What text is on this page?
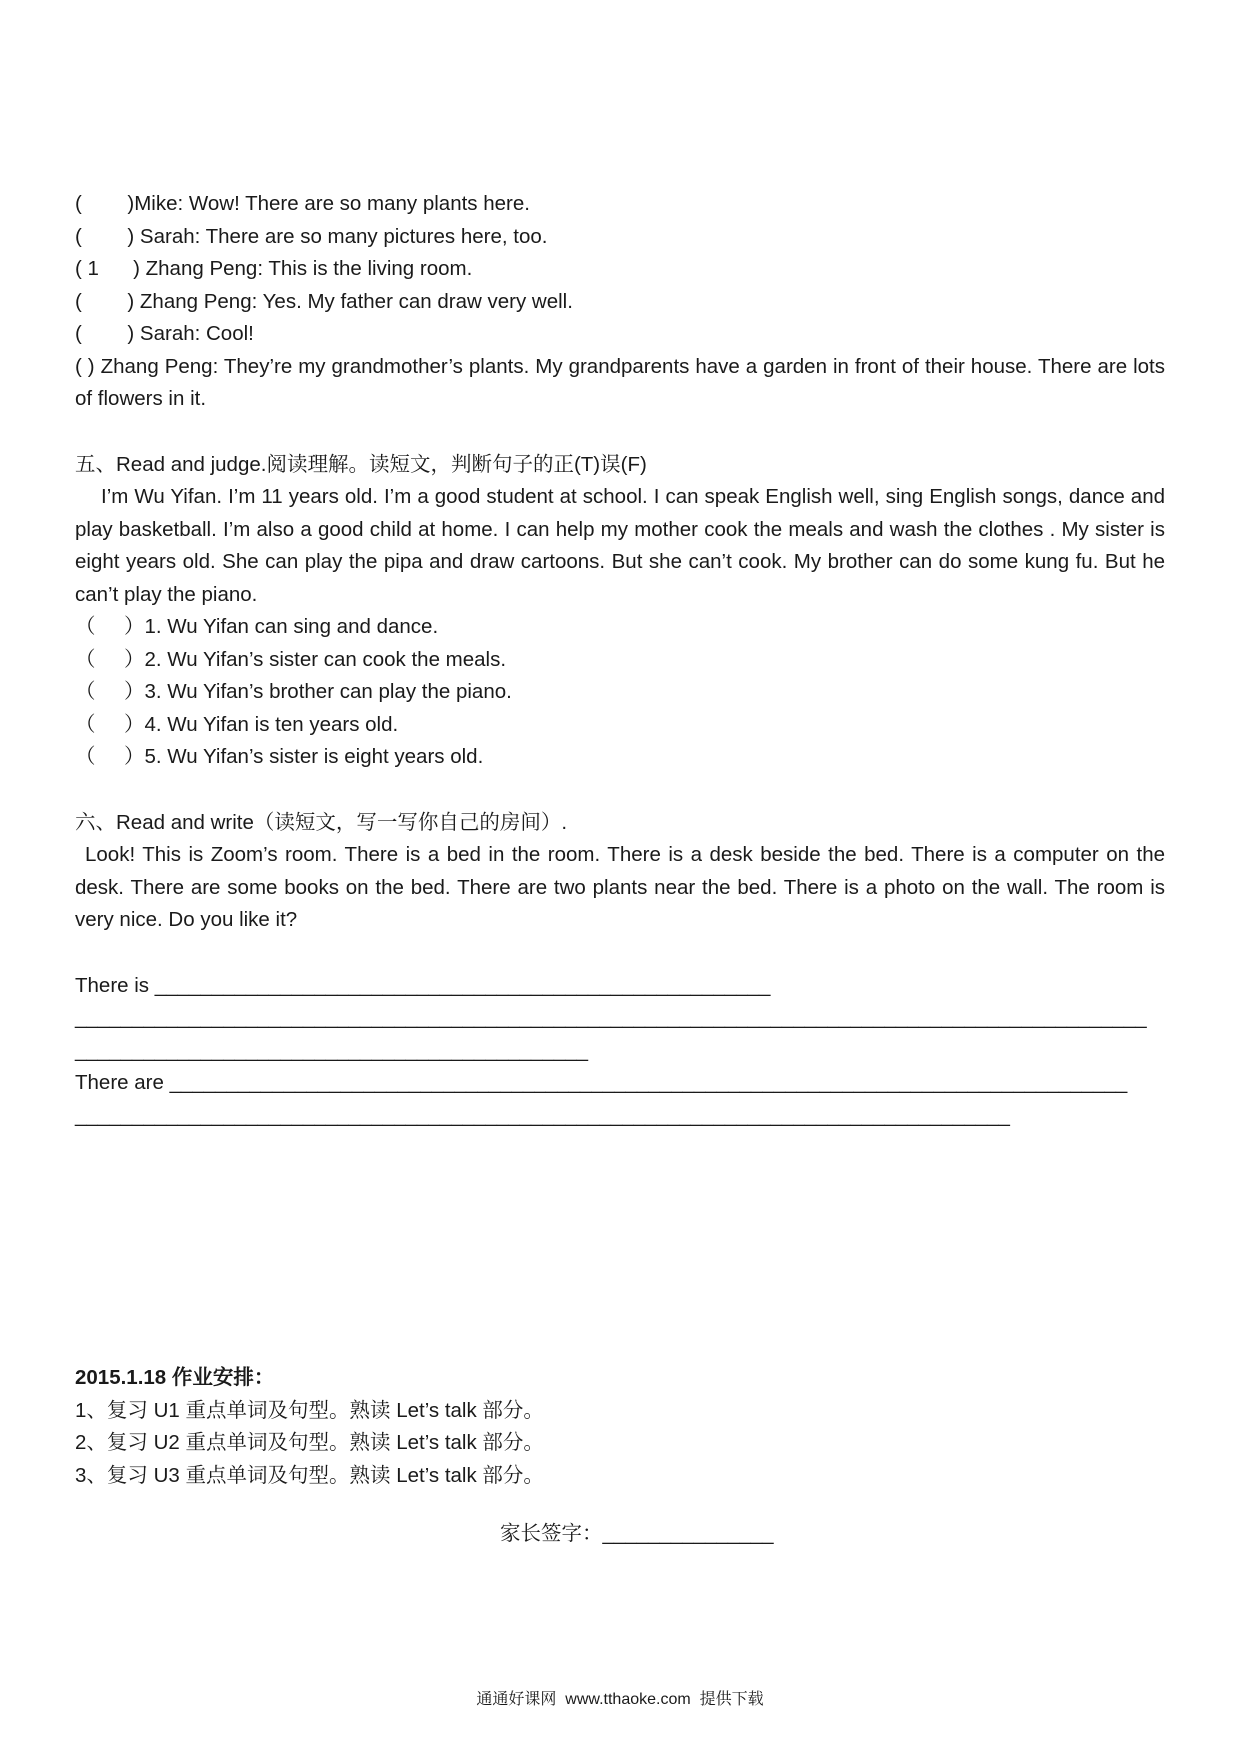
(        )Mike: Wow! There are so many plants here.
(        ) Sarah: There are so many pictures here, too.
( 1      ) Zhang Peng: This is the living room.
(        ) Zhang Peng: Yes. My father can draw very well.
(        ) Sarah: Cool!
( ) Zhang Peng: They’re my grandmother’s plants. My grandparents have a garden in front of their house. There are lots of flowers in it.
五、Read and judge.阅读理解。读短文，判断句子的正(T)误(F)
I’m Wu Yifan. I’m 11 years old. I’m a good student at school. I can speak English well, sing English songs, dance and play basketball. I’m also a good child at home. I can help my mother cook the meals and wash the clothes . My sister is eight years old. She can play the pipa and draw cartoons. But she can’t cook. My brother can do some kung fu. But he can’t play the piano.
（     ）1. Wu Yifan can sing and dance.
（     ）2. Wu Yifan’s sister can cook the meals.
（     ）3. Wu Yifan’s brother can play the piano.
（     ）4. Wu Yifan is ten years old.
（     ）5. Wu Yifan’s sister is eight years old.
六、Read and write（读短文，写一写你自己的房间）.
Look! This is Zoom’s room. There is a bed in the room. There is a desk beside the bed. There is a computer on the desk. There are some books on the bed. There are two plants near the bed. There is a photo on the wall. The room is very nice. Do you like it?
There is ______________________________________________________
______________________________________________________________________________________________
_____________________________________________
There are ____________________________________________________________________________________
__________________________________________________________________________________
2015.1.18 作业安排：
1、复习 U1 重点单词及句型。熟读 Let’s talk 部分。
2、复习 U2 重点单词及句型。熟读 Let’s talk 部分。
3、复习 U3 重点单词及句型。熟读 Let’s talk 部分。
家长签字：_______________
通通好课网  www.tthaoke.com  提供下载
